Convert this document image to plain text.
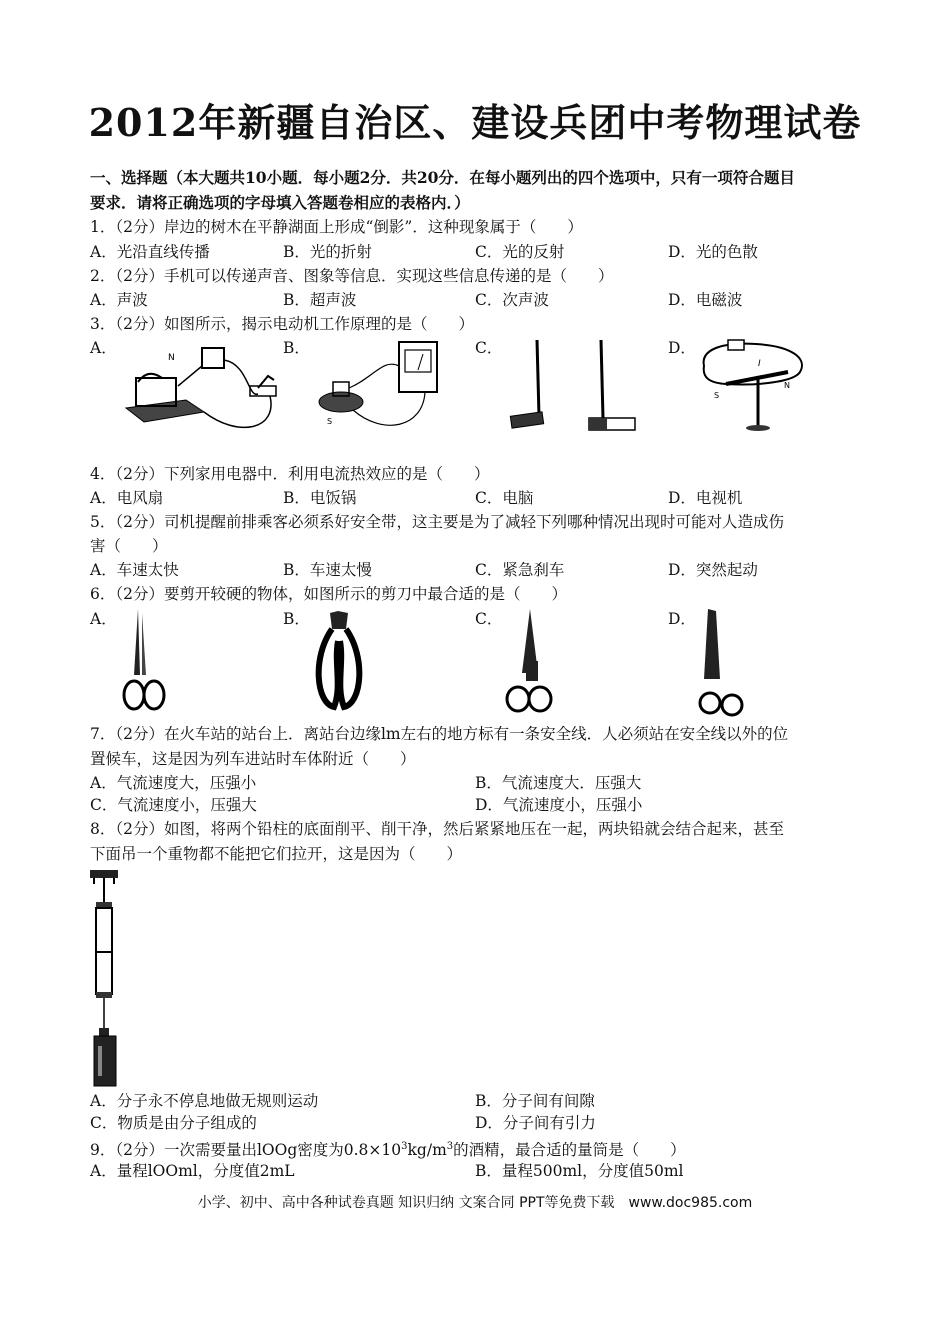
2012年新疆自治区、建设兵团中考物理试卷
一、选择题（本大题共10小题．每小题2分．共20分．在每小题列出的四个选项中，只有一项符合题目
要求．请将正确选项的字母填入答题卷相应的表格内．）
1．（2分）岸边的树木在平静湖面上形成“倒影”．这种现象属于（　　）
A．光沿直线传播	B．光的折射	C．光的反射	D．光的色散
2．（2分）手机可以传递声音、图象等信息．实现这些信息传递的是（　　）
A．声波	B．超声波	C．次声波	D．电磁波
3．（2分）如图所示，揭示电动机工作原理的是（　　）
A．	B．	C．	D．
N
S
I
N
S
4．（2分）下列家用电器中．利用电流热效应的是（　　）
A．电风扇	B．电饭锅	C．电脑	D．电视机
5．（2分）司机提醒前排乘客必须系好安全带，这主要是为了减轻下列哪种情况出现时可能对人造成伤
害（　　）
A．车速太快	B．车速太慢	C．紧急刹车	D．突然起动
6．（2分）要剪开较硬的物体，如图所示的剪刀中最合适的是（　　）
A．	B．	C．	D．
7．（2分）在火车站的站台上．离站台边缘lm左右的地方标有一条安全线．人必须站在安全线以外的位
置候车，这是因为列车进站时车体附近（　　）
A．气流速度大，压强小	B．气流速度大．压强大
C．气流速度小，压强大	D．气流速度小，压强小
8．（2分）如图，将两个铅柱的底面削平、削干净，然后紧紧地压在一起，两块铅就会结合起来，甚至
下面吊一个重物都不能把它们拉开，这是因为（　　）
A．分子永不停息地做无规则运动	B．分子间有间隙
C．物质是由分子组成的	D．分子间有引力
9．（2分）一次需要量出lOOg密度为$0.8\times 10^3kg/m^3$的酒精，最合适的量筒是（　　）
A．量程lOOml，分度值2mL	B．量程500ml，分度值50ml
小学、初中、高中各种试卷真题 知识归纳 文案合同 PPT等免费下载　www.doc985.com
